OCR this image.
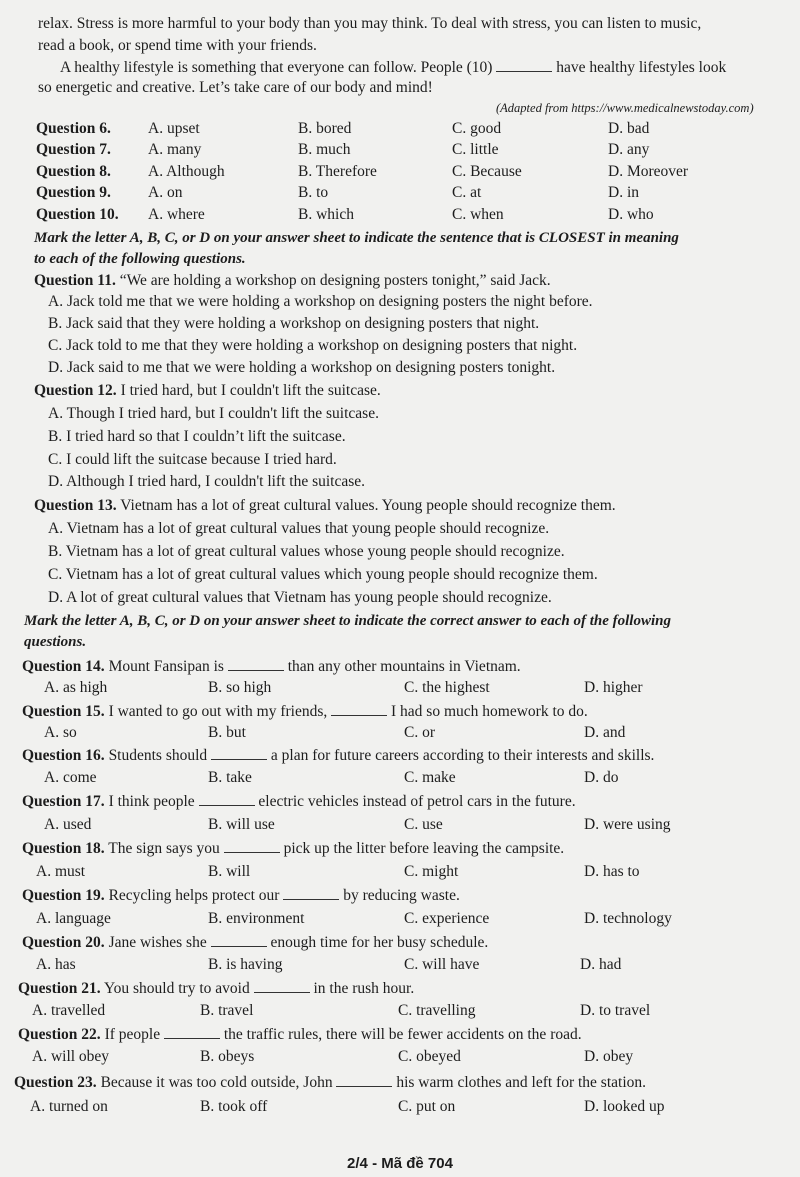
relax. Stress is more harmful to your body than you may think. To deal with stress, you can listen to music,
read a book, or spend time with your friends.
A healthy lifestyle is something that everyone can follow. People (10)	have healthy lifestyles look
so energetic and creative. Let’s take care of our body and mind!
(Adapted from https://www.medicalnewstoday.com)
Question 6. A. upset	B. bored	C. good	D. bad
Question 7. A. many	B. much	C. little	D. any
Question 8. A. Although	B. Therefore	C. Because	D. Moreover
Question 9. A. on	B. to	C. at	D. in
Question 10. A. where	B. which	C. when	D. who
Mark the letter A, B, C, or D on your answer sheet to indicate the sentence that is CLOSEST in meaning
to each of the following questions.
Question 11. “We are holding a workshop on designing posters tonight,” said Jack.
A. Jack told me that we were holding a workshop on designing posters the night before.
B. Jack said that they were holding a workshop on designing posters that night.
C. Jack told to me that they were holding a workshop on designing posters that night.
D. Jack said to me that we were holding a workshop on designing posters tonight.
Question 12. I tried hard, but I couldn't lift the suitcase.
A. Though I tried hard, but I couldn't lift the suitcase.
B. I tried hard so that I couldn’t lift the suitcase.
C. I could lift the suitcase because I tried hard.
D. Although I tried hard, I couldn't lift the suitcase.
Question 13. Vietnam has a lot of great cultural values. Young people should recognize them.
A. Vietnam has a lot of great cultural values that young people should recognize.
B. Vietnam has a lot of great cultural values whose young people should recognize.
C. Vietnam has a lot of great cultural values which young people should recognize them.
D. A lot of great cultural values that Vietnam has young people should recognize.
Mark the letter A, B, C, or D on your answer sheet to indicate the correct answer to each of the following
questions.
Question 14. Mount Fansipan is	than any other mountains in Vietnam.
A. as high	B. so high	C. the highest	D. higher
Question 15. I wanted to go out with my friends,	I had so much homework to do.
A. so	B. but	C. or	D. and
Question 16. Students should	a plan for future careers according to their interests and skills.
A. come	B. take	C. make	D. do
Question 17. I think people	electric vehicles instead of petrol cars in the future.
A. used	B. will use	C. use	D. were using
Question 18. The sign says you	pick up the litter before leaving the campsite.
A. must	B. will	C. might	D. has to
Question 19. Recycling helps protect our	by reducing waste.
A. language	B. environment	C. experience	D. technology
Question 20. Jane wishes she	enough time for her busy schedule.
A. has	B. is having	C. will have	D. had
Question 21. You should try to avoid	in the rush hour.
A. travelled	B. travel	C. travelling	D. to travel
Question 22. If people	the traffic rules, there will be fewer accidents on the road.
A. will obey	B. obeys	C. obeyed	D. obey
Question 23. Because it was too cold outside, John	his warm clothes and left for the station.
A. turned on	B. took off	C. put on	D. looked up
2/4 - Mã đề 704
